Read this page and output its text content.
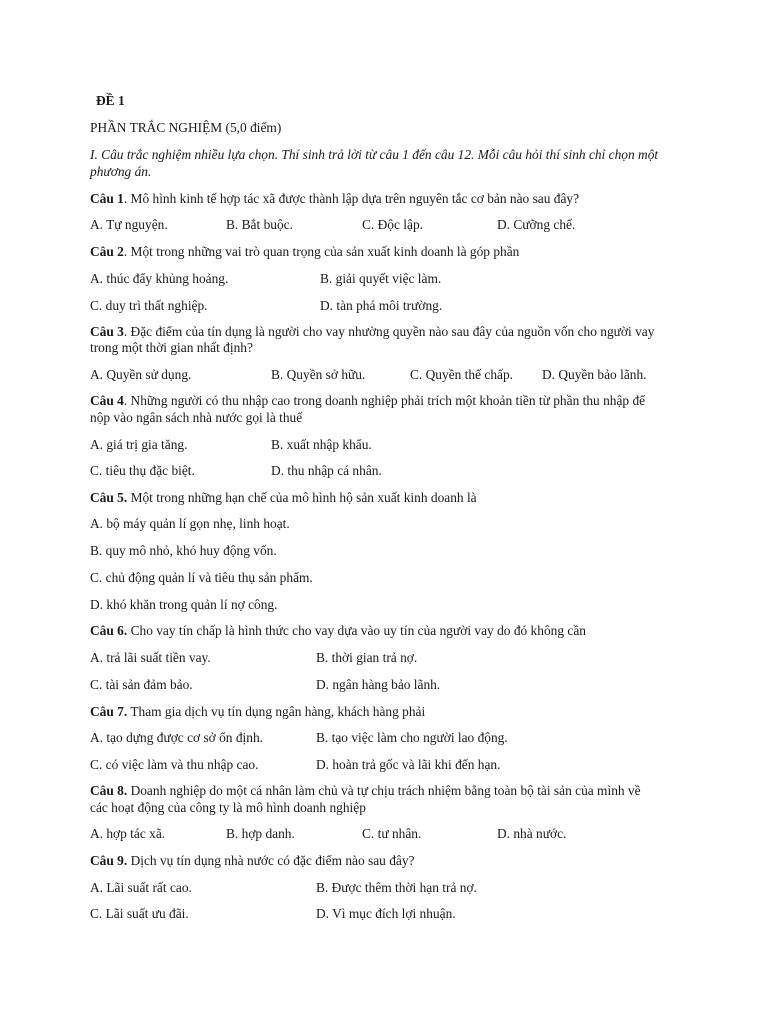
ĐỀ 1
PHẦN TRẮC NGHIỆM (5,0 điểm)
I. Câu trắc nghiệm nhiều lựa chọn. Thí sinh trả lời từ câu 1 đến câu 12. Mỗi câu hỏi thí sinh chỉ chọn một
phương án.
Câu 1. Mô hình kinh tế hợp tác xã được thành lập dựa trên nguyên tắc cơ bản nào sau đây?
A. Tự nguyện.	B. Bắt buộc.	C. Độc lập.	D. Cưỡng chế.
Câu 2. Một trong những vai trò quan trọng của sản xuất kinh doanh là góp phần
A. thúc đẩy khủng hoảng.	B. giải quyết việc làm.
C. duy trì thất nghiệp.	D. tàn phá môi trường.
Câu 3. Đặc điểm của tín dụng là người cho vay nhường quyền nào sau đây của nguồn vốn cho người vay
trong một thời gian nhất định?
A. Quyền sử dụng.	B. Quyền sở hữu.	C. Quyền thế chấp. D. Quyền bảo lãnh.
Câu 4. Những người có thu nhập cao trong doanh nghiệp phải trích một khoản tiền từ phần thu nhập để
nộp vào ngân sách nhà nước gọi là thuế
A. giá trị gia tăng.	B. xuất nhập khẩu.
C. tiêu thụ đặc biệt.	D. thu nhập cá nhân.
Câu 5. Một trong những hạn chế của mô hình hộ sản xuất kinh doanh là
A. bộ máy quản lí gọn nhẹ, linh hoạt.
B. quy mô nhỏ, khó huy động vốn.
C. chủ động quản lí và tiêu thụ sản phẩm.
D. khó khăn trong quản lí nợ công.
Câu 6. Cho vay tín chấp là hình thức cho vay dựa vào uy tín của người vay do đó không cần
A. trả lãi suất tiền vay.	B. thời gian trả nợ.
C. tài sản đảm bảo.	D. ngân hàng bảo lãnh.
Câu 7. Tham gia dịch vụ tín dụng ngân hàng, khách hàng phải
A. tạo dựng được cơ sở ổn định.	B. tạo việc làm cho người lao động.
C. có việc làm và thu nhập cao.	D. hoàn trả gốc và lãi khi đến hạn.
Câu 8. Doanh nghiệp do một cá nhân làm chủ và tự chịu trách nhiệm bằng toàn bộ tài sản của mình về
các hoạt động của công ty là mô hình doanh nghiệp
A. hợp tác xã.	B. hợp danh.	C. tư nhân.	D. nhà nước.
Câu 9. Dịch vụ tín dụng nhà nước có đặc điểm nào sau đây?
A. Lãi suất rất cao.	B. Được thêm thời hạn trả nợ.
C. Lãi suất ưu đãi.	D. Vì mục đích lợi nhuận.
